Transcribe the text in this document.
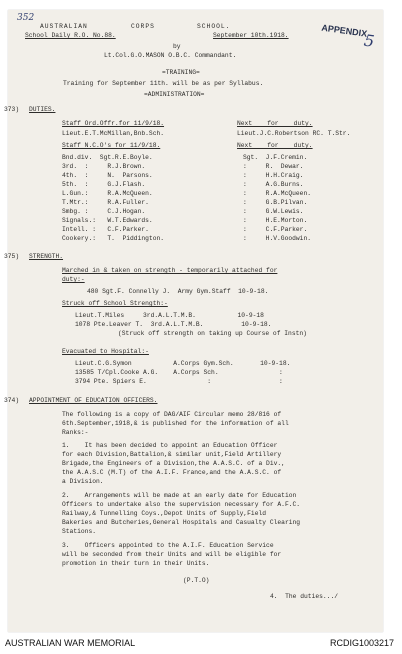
352
APPENDIX
5
AUSTRALIAN	CORPS	SCHOOL.
School Daily R.O. No.88.	September 10th.1918.
by
Lt.Col.G.O.MASON O.B.C. Commandant.
=TRAINING=
Training for September 11th. will be as per Syllabus.
=ADMINISTRATION=
373) DUTIES.
Staff Ord.Offr.for 11/9/18.	Next    for    duty.
Lieut.E.T.McMillan,Bnb.Sch.	Lieut.J.C.Robertson RC. T.Str.
Staff N.C.O's for 11/9/18.	Next    for    duty.
Bnd.div.  Sgt.R.E.Boyle.	Sgt.  J.F.Cremin.
3rd.  :     R.J.Brown.	:     R.  Dewar.
4th.  :     N.  Parsons.	:     H.H.Craig.
5th.  :     G.J.Flash.	:     A.G.Burns.
L.Gun.:     R.A.McQueen.	:     R.A.McQueen.
T.Mtr.:     R.A.Fuller.	:     G.B.Pilvan.
Smbg. :     C.J.Hogan.	:     G.W.Lewis.
Signals.:   W.T.Edwards.	:     H.E.Morton.
Intell. :   C.F.Parker.	:     C.F.Parker.
Cookery.:   T.  Piddington.	:     H.V.Goodwin.
375) STRENGTH.
Marched in & taken on strength - temporarily attached for
duty:-
480 Sgt.F. Connelly J.  Army Gym.Staff  10-9-18.
Struck off School Strength:-
Lieut.T.Miles     3rd.A.L.T.M.B.           10-9-18
1078 Pte.Leaver T.  3rd.A.L.T.M.B.          10-9-18.
(Struck off strength on taking up Course of Instn)
Evacuated to Hospital:-
Lieut.C.G.Symon           A.Corps Gym.Sch.       10-9-18.
13585 T/Cpl.Cooke A.G.    A.Corps Sch.                :
3794 Pte. Spiers E.                :                  :
374) APPOINTMENT OF EDUCATION OFFICERS.
The following is a copy of DAG/AIF Circular memo 28/816 of
6th.September,1918,& is published for the information of all
Ranks:-
1.    It has been decided to appoint an Education Officer
for each Division,Battalion,& similar unit,Field Artillery
Brigade,the Engineers of a Division,the A.A.S.C. of a Div.,
the A.A.S.C (M.T) of the A.I.F. France,and the A.A.S.C. of
a Division.
2.    Arrangements will be made at an early date for Education
Officers to undertake also the supervision necessary for A.F.C.
Railway,& Tunnelling Coys.,Depot Units of Supply,Field
Bakeries and Butcheries,General Hospitals and Casualty Clearing
Stations.
3.    Officers appointed to the A.I.F. Education Service
will be seconded from their Units and will be eligible for
promotion in their turn in their Units.
(P.T.O)
4.  The duties.../
AUSTRALIAN WAR MEMORIAL	RCDIG1003217
